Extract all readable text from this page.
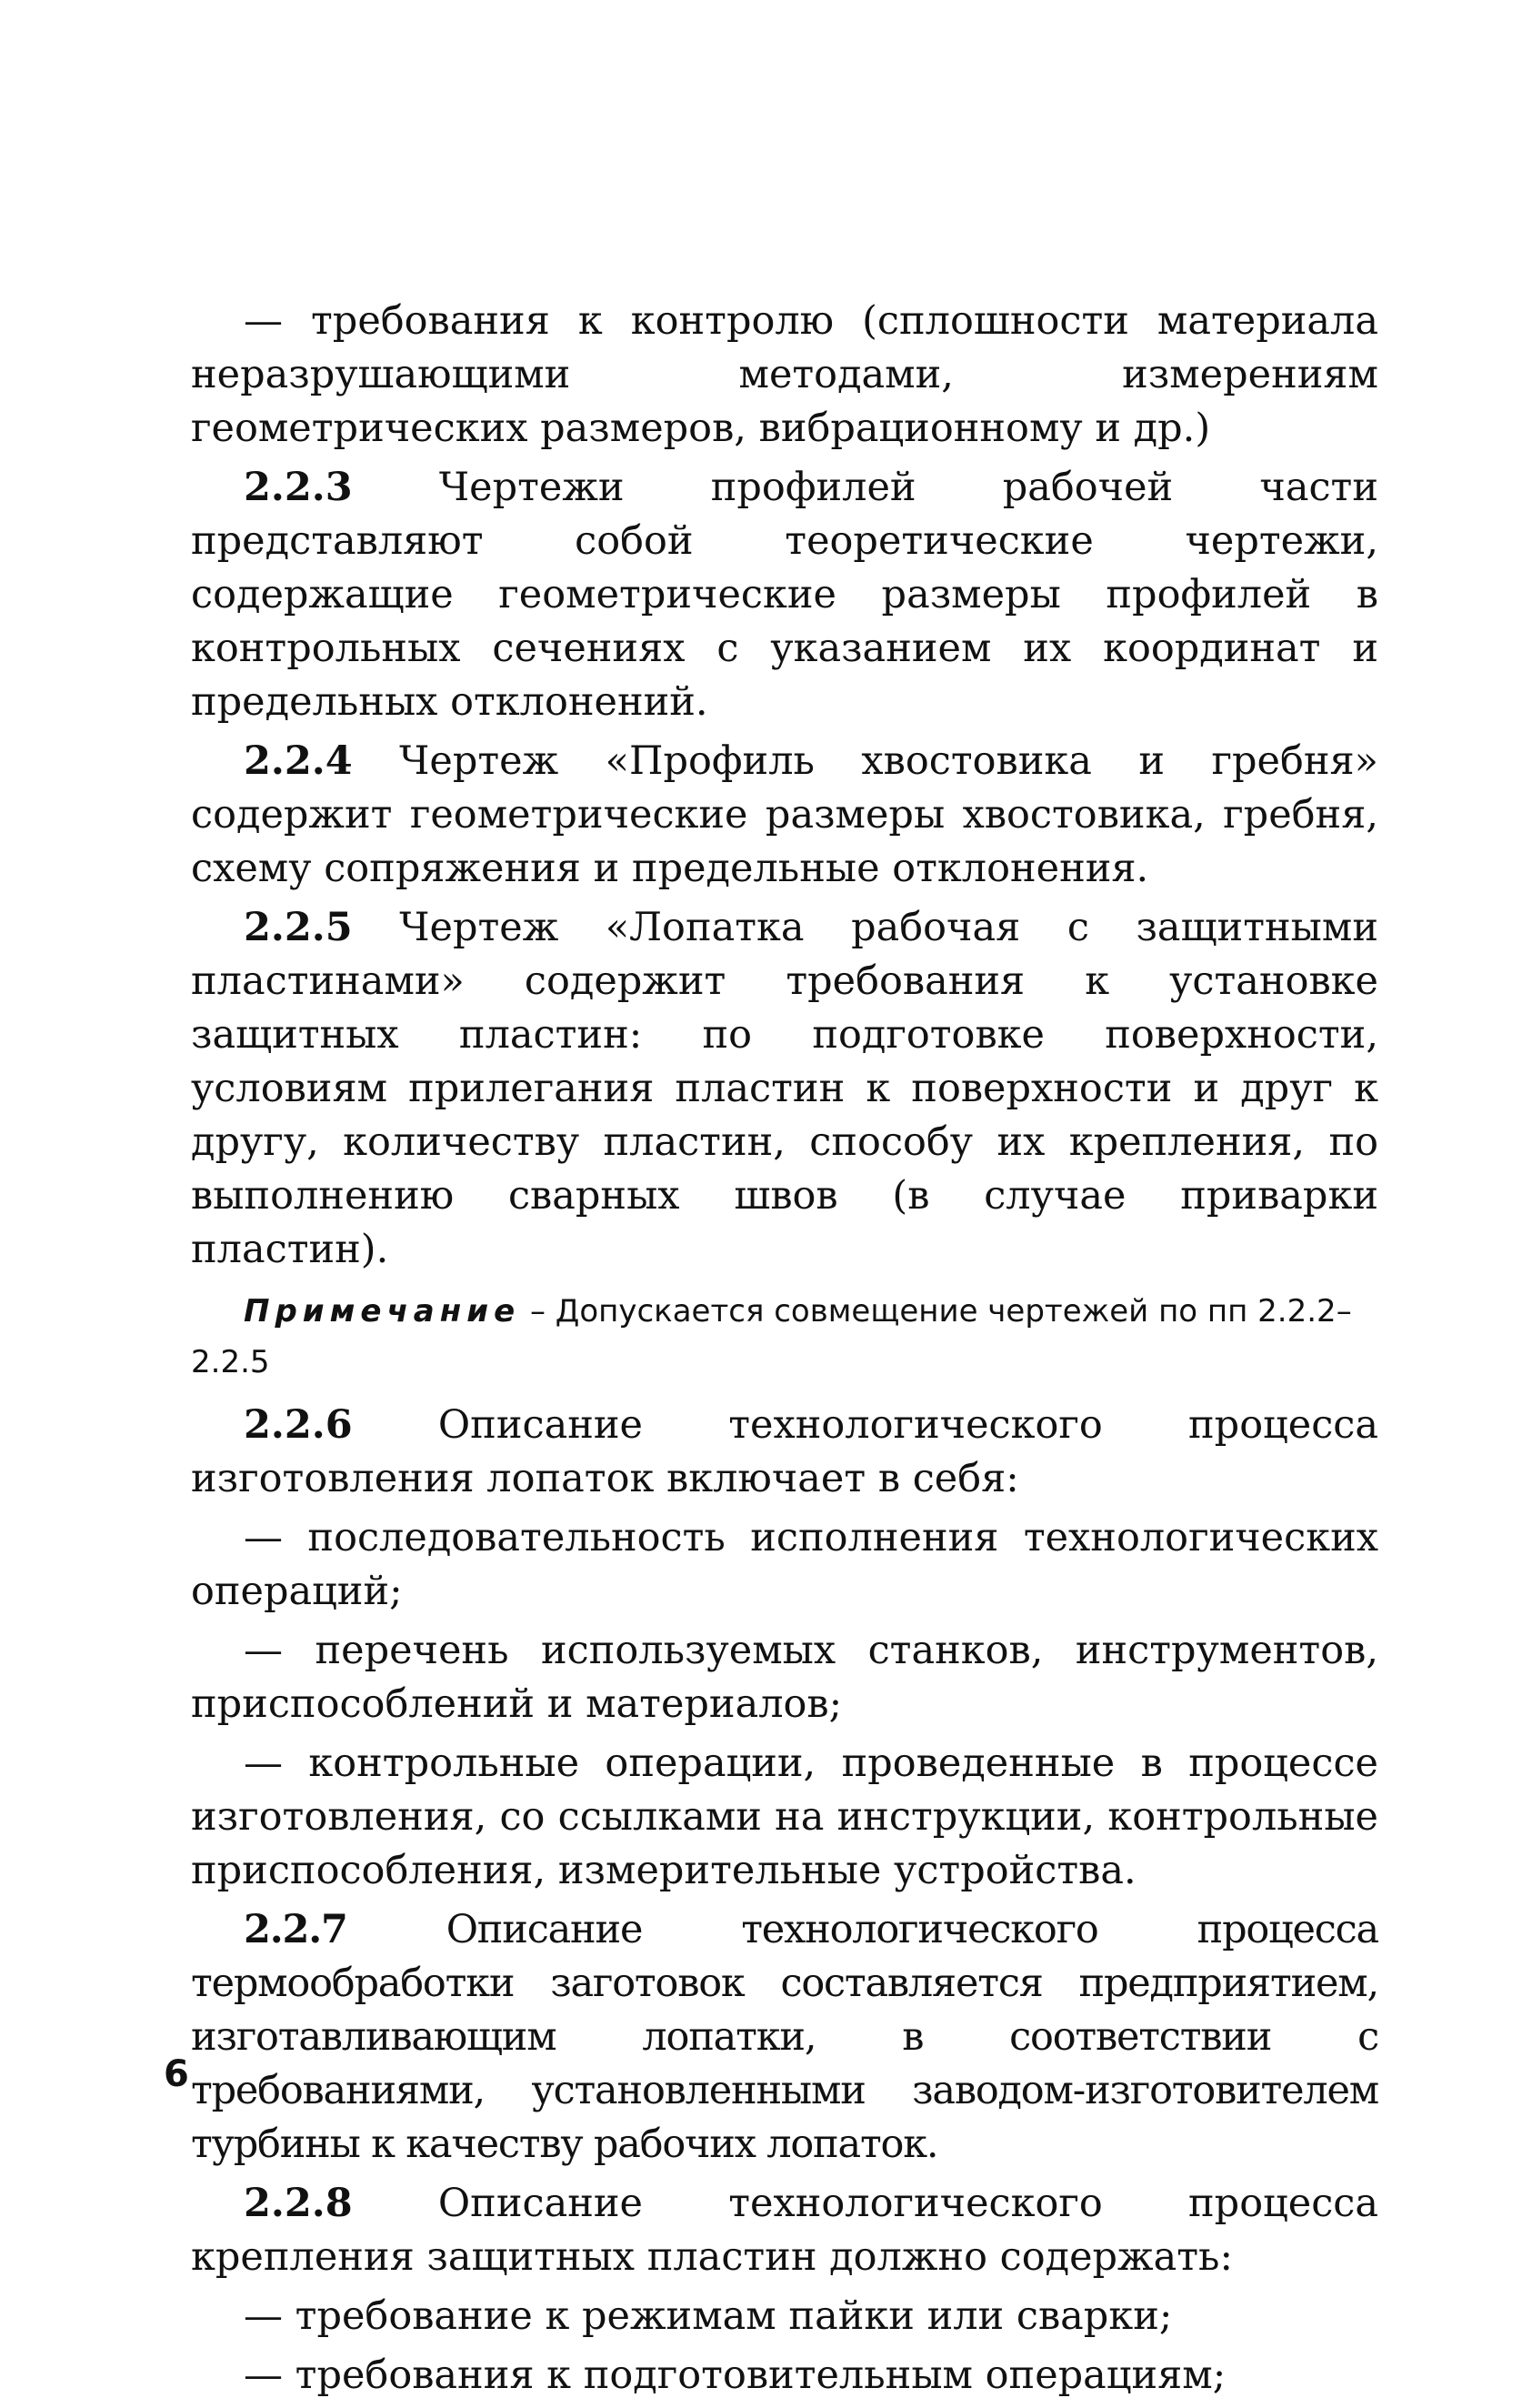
— требования к контролю (сплошности материала неразрушающими методами, измерениям геометрических размеров, вибрационному и др.)

2.2.3 Чертежи профилей рабочей части представляют собой теоретические чертежи, содержащие геометрические размеры профилей в контрольных сечениях с указанием их координат и предельных отклонений.

2.2.4 Чертеж «Профиль хвостовика и гребня» содержит геометрические размеры хвостовика, гребня, схему сопряжения и предельные отклонения.

2.2.5 Чертеж «Лопатка рабочая с защитными пластинами» содержит требования к установке защитных пластин: по подготовке поверхности, условиям прилегания пластин к поверхности и друг к другу, количеству пластин, способу их крепления, по выполнению сварных швов (в случае приварки пластин).

Примечание – Допускается совмещение чертежей по пп 2.2.2–2.2.5

2.2.6 Описание технологического процесса изготовления лопаток включает в себя:

— последовательность исполнения технологических операций;

— перечень используемых станков, инструментов, приспособлений и материалов;

— контрольные операции, проведенные в процессе изготовления, со ссылками на инструкции, контрольные приспособления, измерительные устройства.

2.2.7 Описание технологического процесса термообработки заготовок составляется предприятием, изготавливающим лопатки, в соответствии с требованиями, установленными заводом-изготовителем турбины к качеству рабочих лопаток.

2.2.8 Описание технологического процесса крепления защитных пластин должно содержать:

— требование к режимам пайки или сварки;

— требования к подготовительным операциям;

6
